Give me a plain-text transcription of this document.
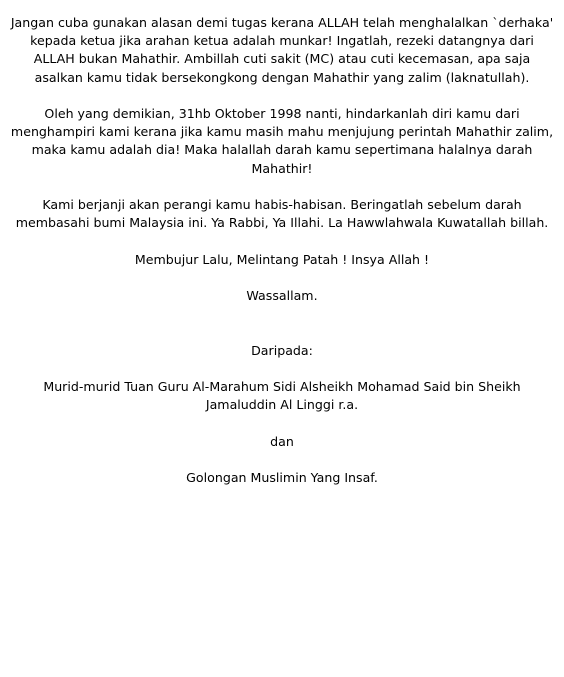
Jangan cuba gunakan alasan demi tugas kerana ALLAH telah menghalalkan `derhaka' kepada ketua jika arahan ketua adalah munkar! Ingatlah, rezeki datangnya dari ALLAH bukan Mahathir. Ambillah cuti sakit (MC) atau cuti kecemasan, apa saja asalkan kamu tidak bersekongkong dengan Mahathir yang zalim (laknatullah).

Oleh yang demikian, 31hb Oktober 1998 nanti, hindarkanlah diri kamu dari menghampiri kami kerana jika kamu masih mahu menjujung perintah Mahathir zalim, maka kamu adalah dia! Maka halallah darah kamu sepertimana halalnya darah Mahathir!

Kami berjanji akan perangi kamu habis-habisan. Beringatlah sebelum darah membasahi bumi Malaysia ini. Ya Rabbi, Ya Illahi. La Hawwlahwala Kuwatallah billah.

Membujur Lalu, Melintang Patah ! Insya Allah !

Wassallam.

Daripada:

Murid-murid Tuan Guru Al-Marahum Sidi Alsheikh Mohamad Said bin Sheikh Jamaluddin Al Linggi r.a.

dan

Golongan Muslimin Yang Insaf.
